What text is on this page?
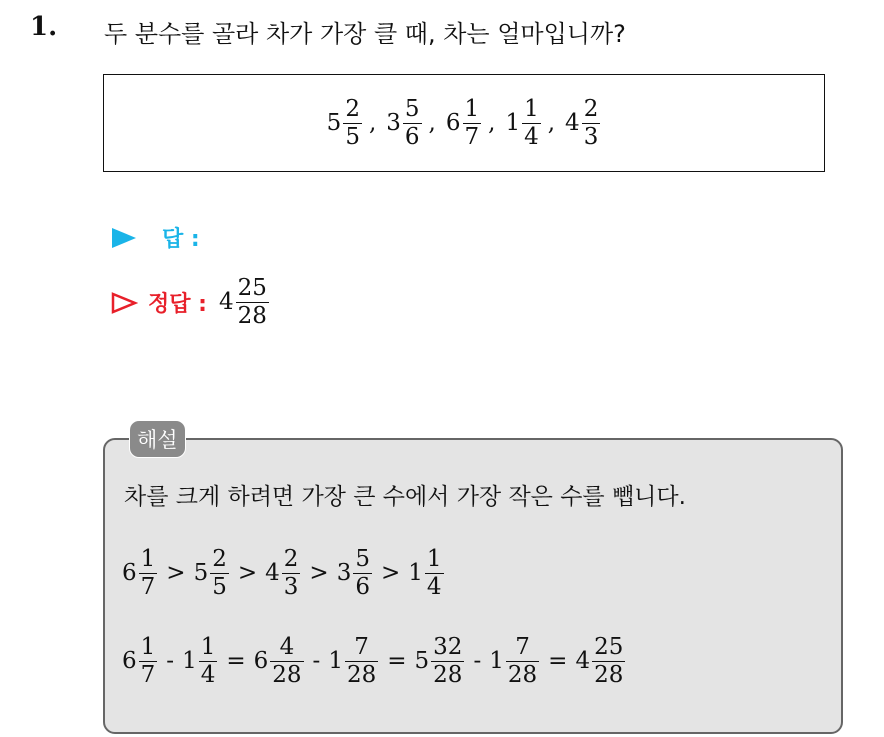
1. 두 분수를 골라 차가 가장 클 때, 차는 얼마입니까?
$5 \frac{2}{5}$ , $3 \frac{5}{6}$ , $6 \frac{1}{7}$ , $1 \frac{1}{4}$ , $4 \frac{2}{3}$
답 :
정답 : $4 \frac{25}{28}$
해설
차를 크게 하려면 가장 큰 수에서 가장 작은 수를 뺍니다.
$6 \frac{1}{7} > 5 \frac{2}{5} > 4 \frac{2}{3} > 3 \frac{5}{6} > 1 \frac{1}{4}$
$6 \frac{1}{7} - 1 \frac{1}{4} = 6 \frac{4}{28} - 1 \frac{7}{28} = 5 \frac{32}{28} - 1 \frac{7}{28} = 4 \frac{25}{28}$
